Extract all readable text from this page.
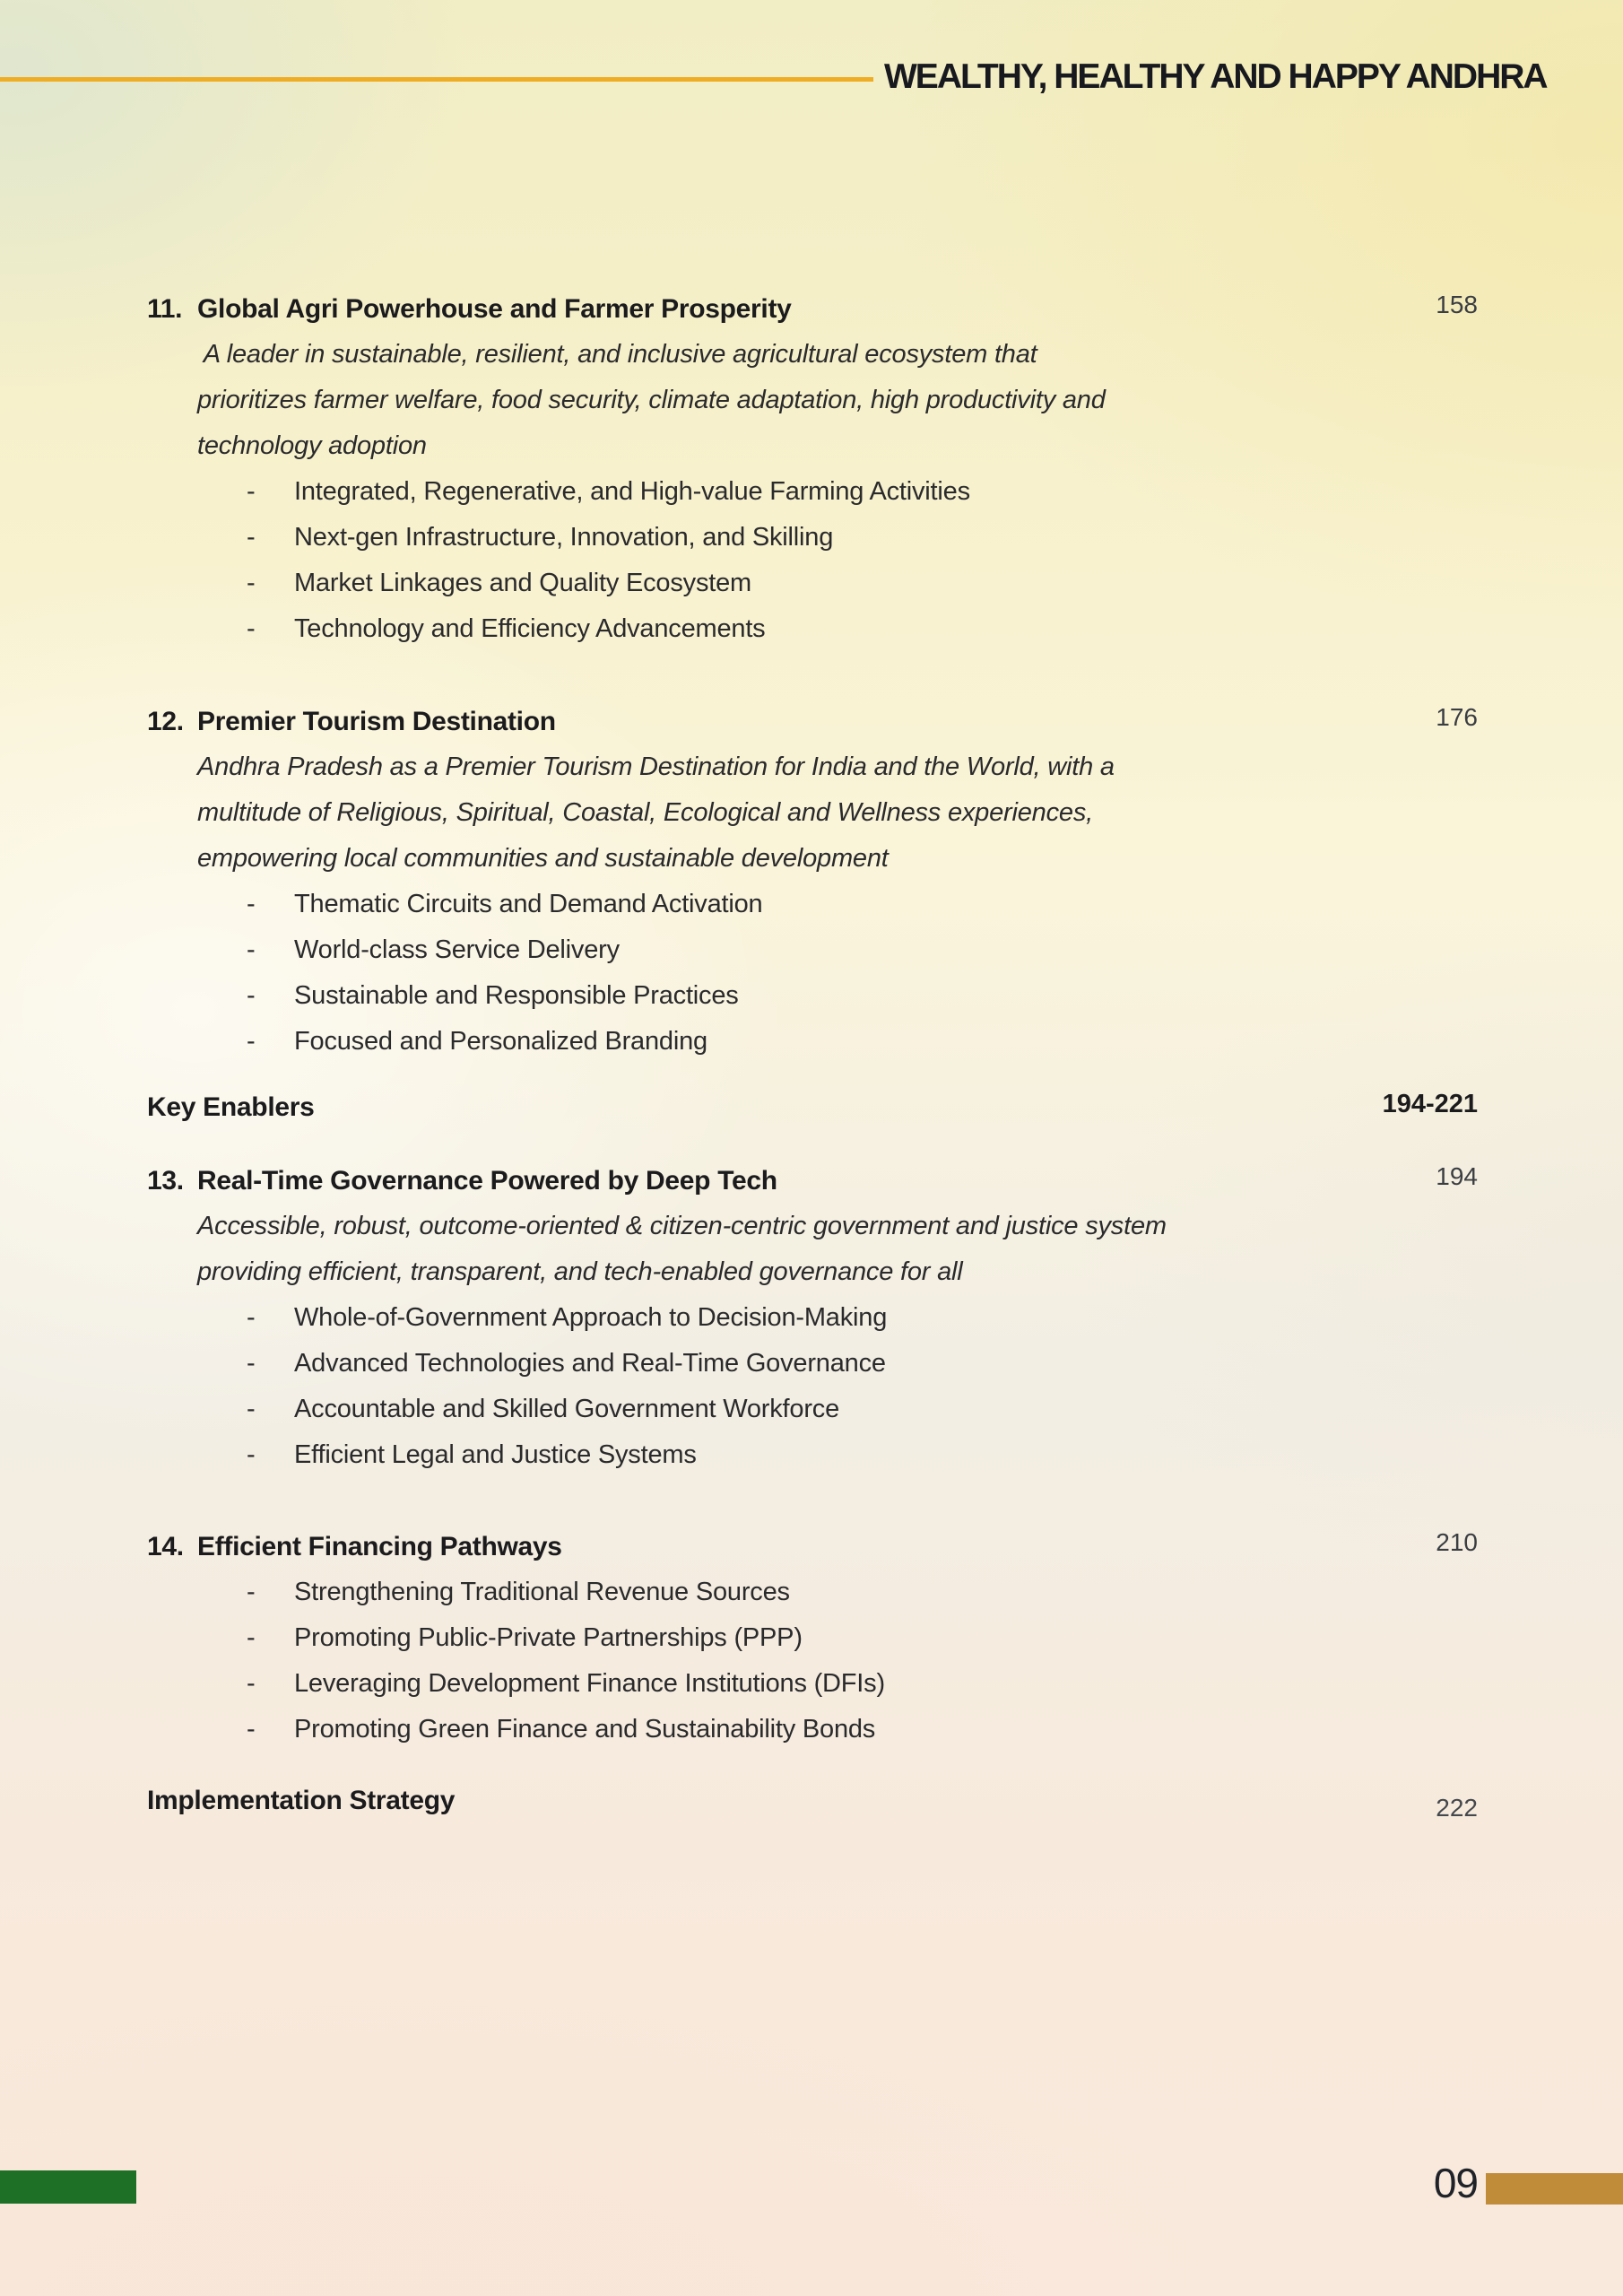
WEALTHY, HEALTHY AND HAPPY ANDHRA
11. Global Agri Powerhouse and Farmer Prosperity	158
A leader in sustainable, resilient, and inclusive agricultural ecosystem that
prioritizes farmer welfare, food security, climate adaptation, high productivity and
technology adoption
- Integrated, Regenerative, and High-value Farming Activities
- Next-gen Infrastructure, Innovation, and Skilling
- Market Linkages and Quality Ecosystem
- Technology and Efficiency Advancements
12. Premier Tourism Destination	176
Andhra Pradesh as a Premier Tourism Destination for India and the World, with a
multitude of Religious, Spiritual, Coastal, Ecological and Wellness experiences,
empowering local communities and sustainable development
- Thematic Circuits and Demand Activation
- World-class Service Delivery
- Sustainable and Responsible Practices
- Focused and Personalized Branding
Key Enablers	194-221
13. Real-Time Governance Powered by Deep Tech	194
Accessible, robust, outcome-oriented & citizen-centric government and justice system
providing efficient, transparent, and tech-enabled governance for all
- Whole-of-Government Approach to Decision-Making
- Advanced Technologies and Real-Time Governance
- Accountable and Skilled Government Workforce
- Efficient Legal and Justice Systems
14. Efficient Financing Pathways	210
- Strengthening Traditional Revenue Sources
- Promoting Public-Private Partnerships (PPP)
- Leveraging Development Finance Institutions (DFIs)
- Promoting Green Finance and Sustainability Bonds
Implementation Strategy	222
09
